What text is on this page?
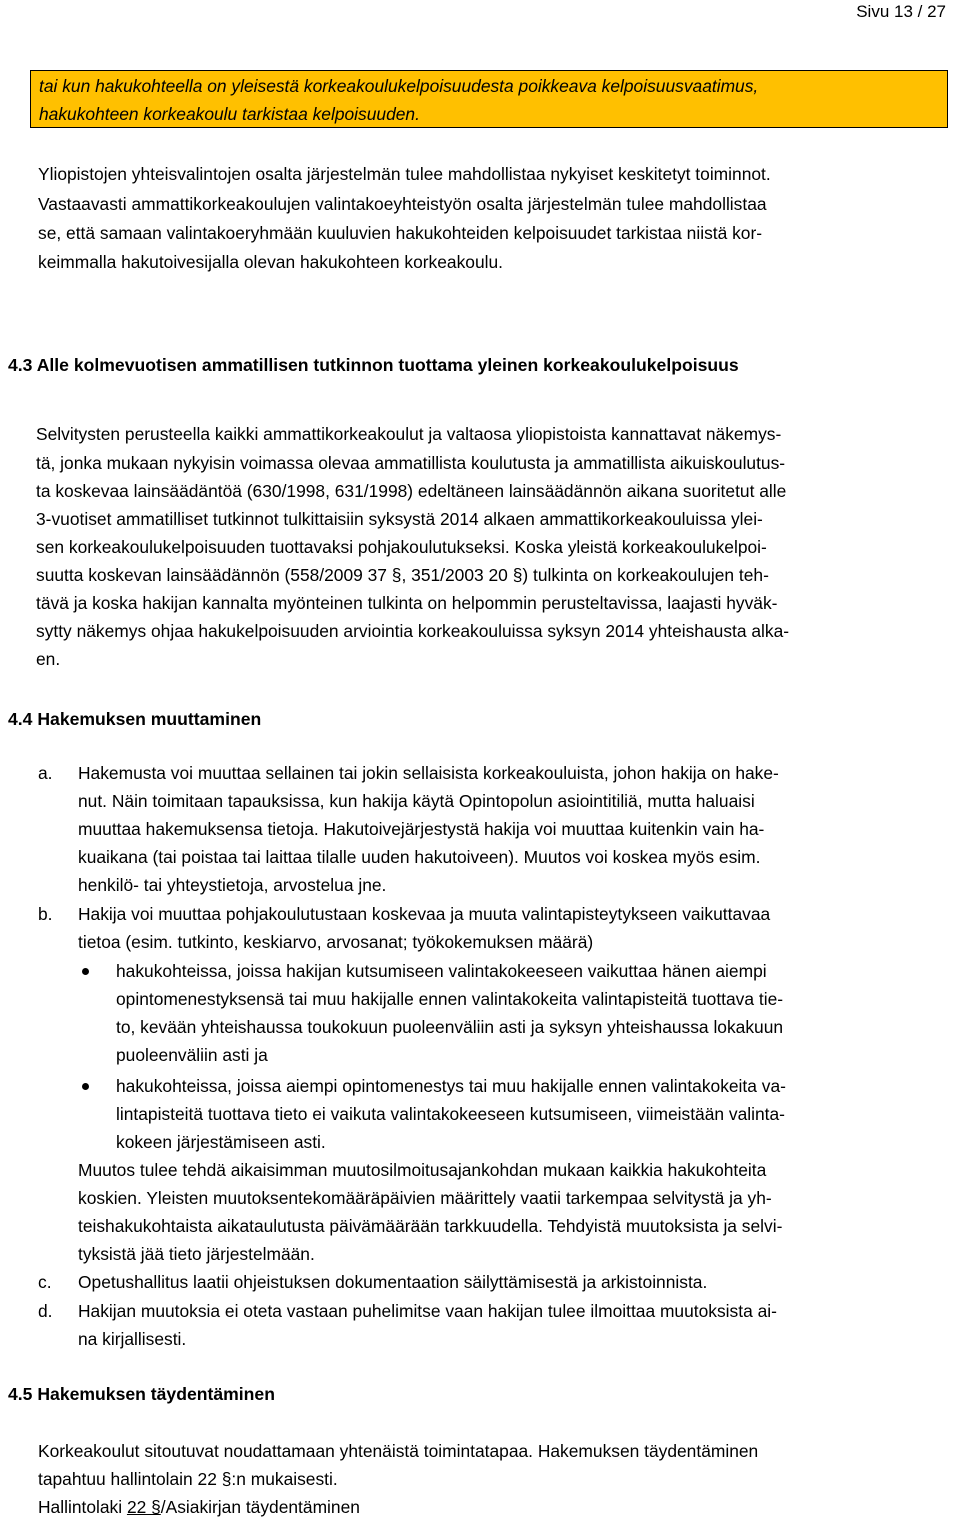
Sivu 13 / 27
tai kun hakukohteella on yleisestä korkeakoulukelpoisuudesta poikkeava kelpoisuusvaatimus,
hakukohteen korkeakoulu tarkistaa kelpoisuuden.
Yliopistojen yhteisvalintojen osalta järjestelmän tulee mahdollistaa nykyiset keskitetyt toiminnot.
Vastaavasti ammattikorkeakoulujen valintakoeyhteistyön osalta järjestelmän tulee mahdollistaa
se, että samaan valintakoeryhmään kuuluvien hakukohteiden kelpoisuudet tarkistaa niistä kor-
keimmalla hakutoivesijalla olevan hakukohteen korkeakoulu.
4.3 Alle kolmevuotisen ammatillisen tutkinnon tuottama yleinen korkeakoulukelpoisuus
Selvitysten perusteella kaikki ammattikorkeakoulut ja valtaosa yliopistoista kannattavat näkemys-
tä, jonka mukaan nykyisin voimassa olevaa ammatillista koulutusta ja ammatillista aikuiskoulutus-
ta koskevaa lainsäädäntöä (630/1998, 631/1998) edeltäneen lainsäädännön aikana suoritetut alle
3-vuotiset ammatilliset tutkinnot tulkittaisiin syksystä 2014 alkaen ammattikorkeakouluissa ylei-
sen korkeakoulukelpoisuuden tuottavaksi pohjakoulutukseksi. Koska yleistä korkeakoulukelpoi-
suutta koskevan lainsäädännön (558/2009 37 §, 351/2003 20 §) tulkinta on korkeakoulujen teh-
tävä ja koska hakijan kannalta myönteinen tulkinta on helpommin perusteltavissa, laajasti hyväk-
sytty näkemys ohjaa hakukelpoisuuden arviointia korkeakouluissa syksyn 2014 yhteishausta alka-
en.
4.4 Hakemuksen muuttaminen
a. Hakemusta voi muuttaa sellainen tai jokin sellaisista korkeakouluista, johon hakija on hake-
nut. Näin toimitaan tapauksissa, kun hakija käytä Opintopolun asiointitiliä, mutta haluaisi
muuttaa hakemuksensa tietoja. Hakutoivejärjestystä hakija voi muuttaa kuitenkin vain ha-
kuaikana (tai poistaa tai laittaa tilalle uuden hakutoiveen). Muutos voi koskea myös esim.
henkilö- tai yhteystietoja, arvostelua jne.
b. Hakija voi muuttaa pohjakoulutustaan koskevaa ja muuta valintapisteytykseen vaikuttavaa
tietoa (esim. tutkinto, keskiarvo, arvosanat; työkokemuksen määrä)
hakukohteissa, joissa hakijan kutsumiseen valintakokeeseen vaikuttaa hänen aiempi
opintomenestyksensä tai muu hakijalle ennen valintakokeita valintapisteitä tuottava tie-
to, kevään yhteishaussa toukokuun puoleenväliin asti ja syksyn yhteishaussa lokakuun
puoleenväliin asti ja
hakukohteissa, joissa aiempi opintomenestys tai muu hakijalle ennen valintakokeita va-
lintapisteitä tuottava tieto ei vaikuta valintakokeeseen kutsumiseen, viimeistään valinta-
kokeen järjestämiseen asti.
Muutos tulee tehdä aikaisimman muutosilmoitusajankohdan mukaan kaikkia hakukohteita
koskien. Yleisten muutoksentekomääräpäivien määrittely vaatii tarkempaa selvitystä ja yh-
teishakukohtaista aikataulutusta päivämäärään tarkkuudella. Tehdyistä muutoksista ja selvi-
tyksistä jää tieto järjestelmään.
c. Opetushallitus laatii ohjeistuksen dokumentaation säilyttämisestä ja arkistoinnista.
d. Hakijan muutoksia ei oteta vastaan puhelimitse vaan hakijan tulee ilmoittaa muutoksista ai-
na kirjallisesti.
4.5 Hakemuksen täydentäminen
Korkeakoulut sitoutuvat noudattamaan yhtenäistä toimintatapaa. Hakemuksen täydentäminen
tapahtuu hallintolain 22 §:n mukaisesti.
Hallintolaki 22 §/Asiakirjan täydentäminen
